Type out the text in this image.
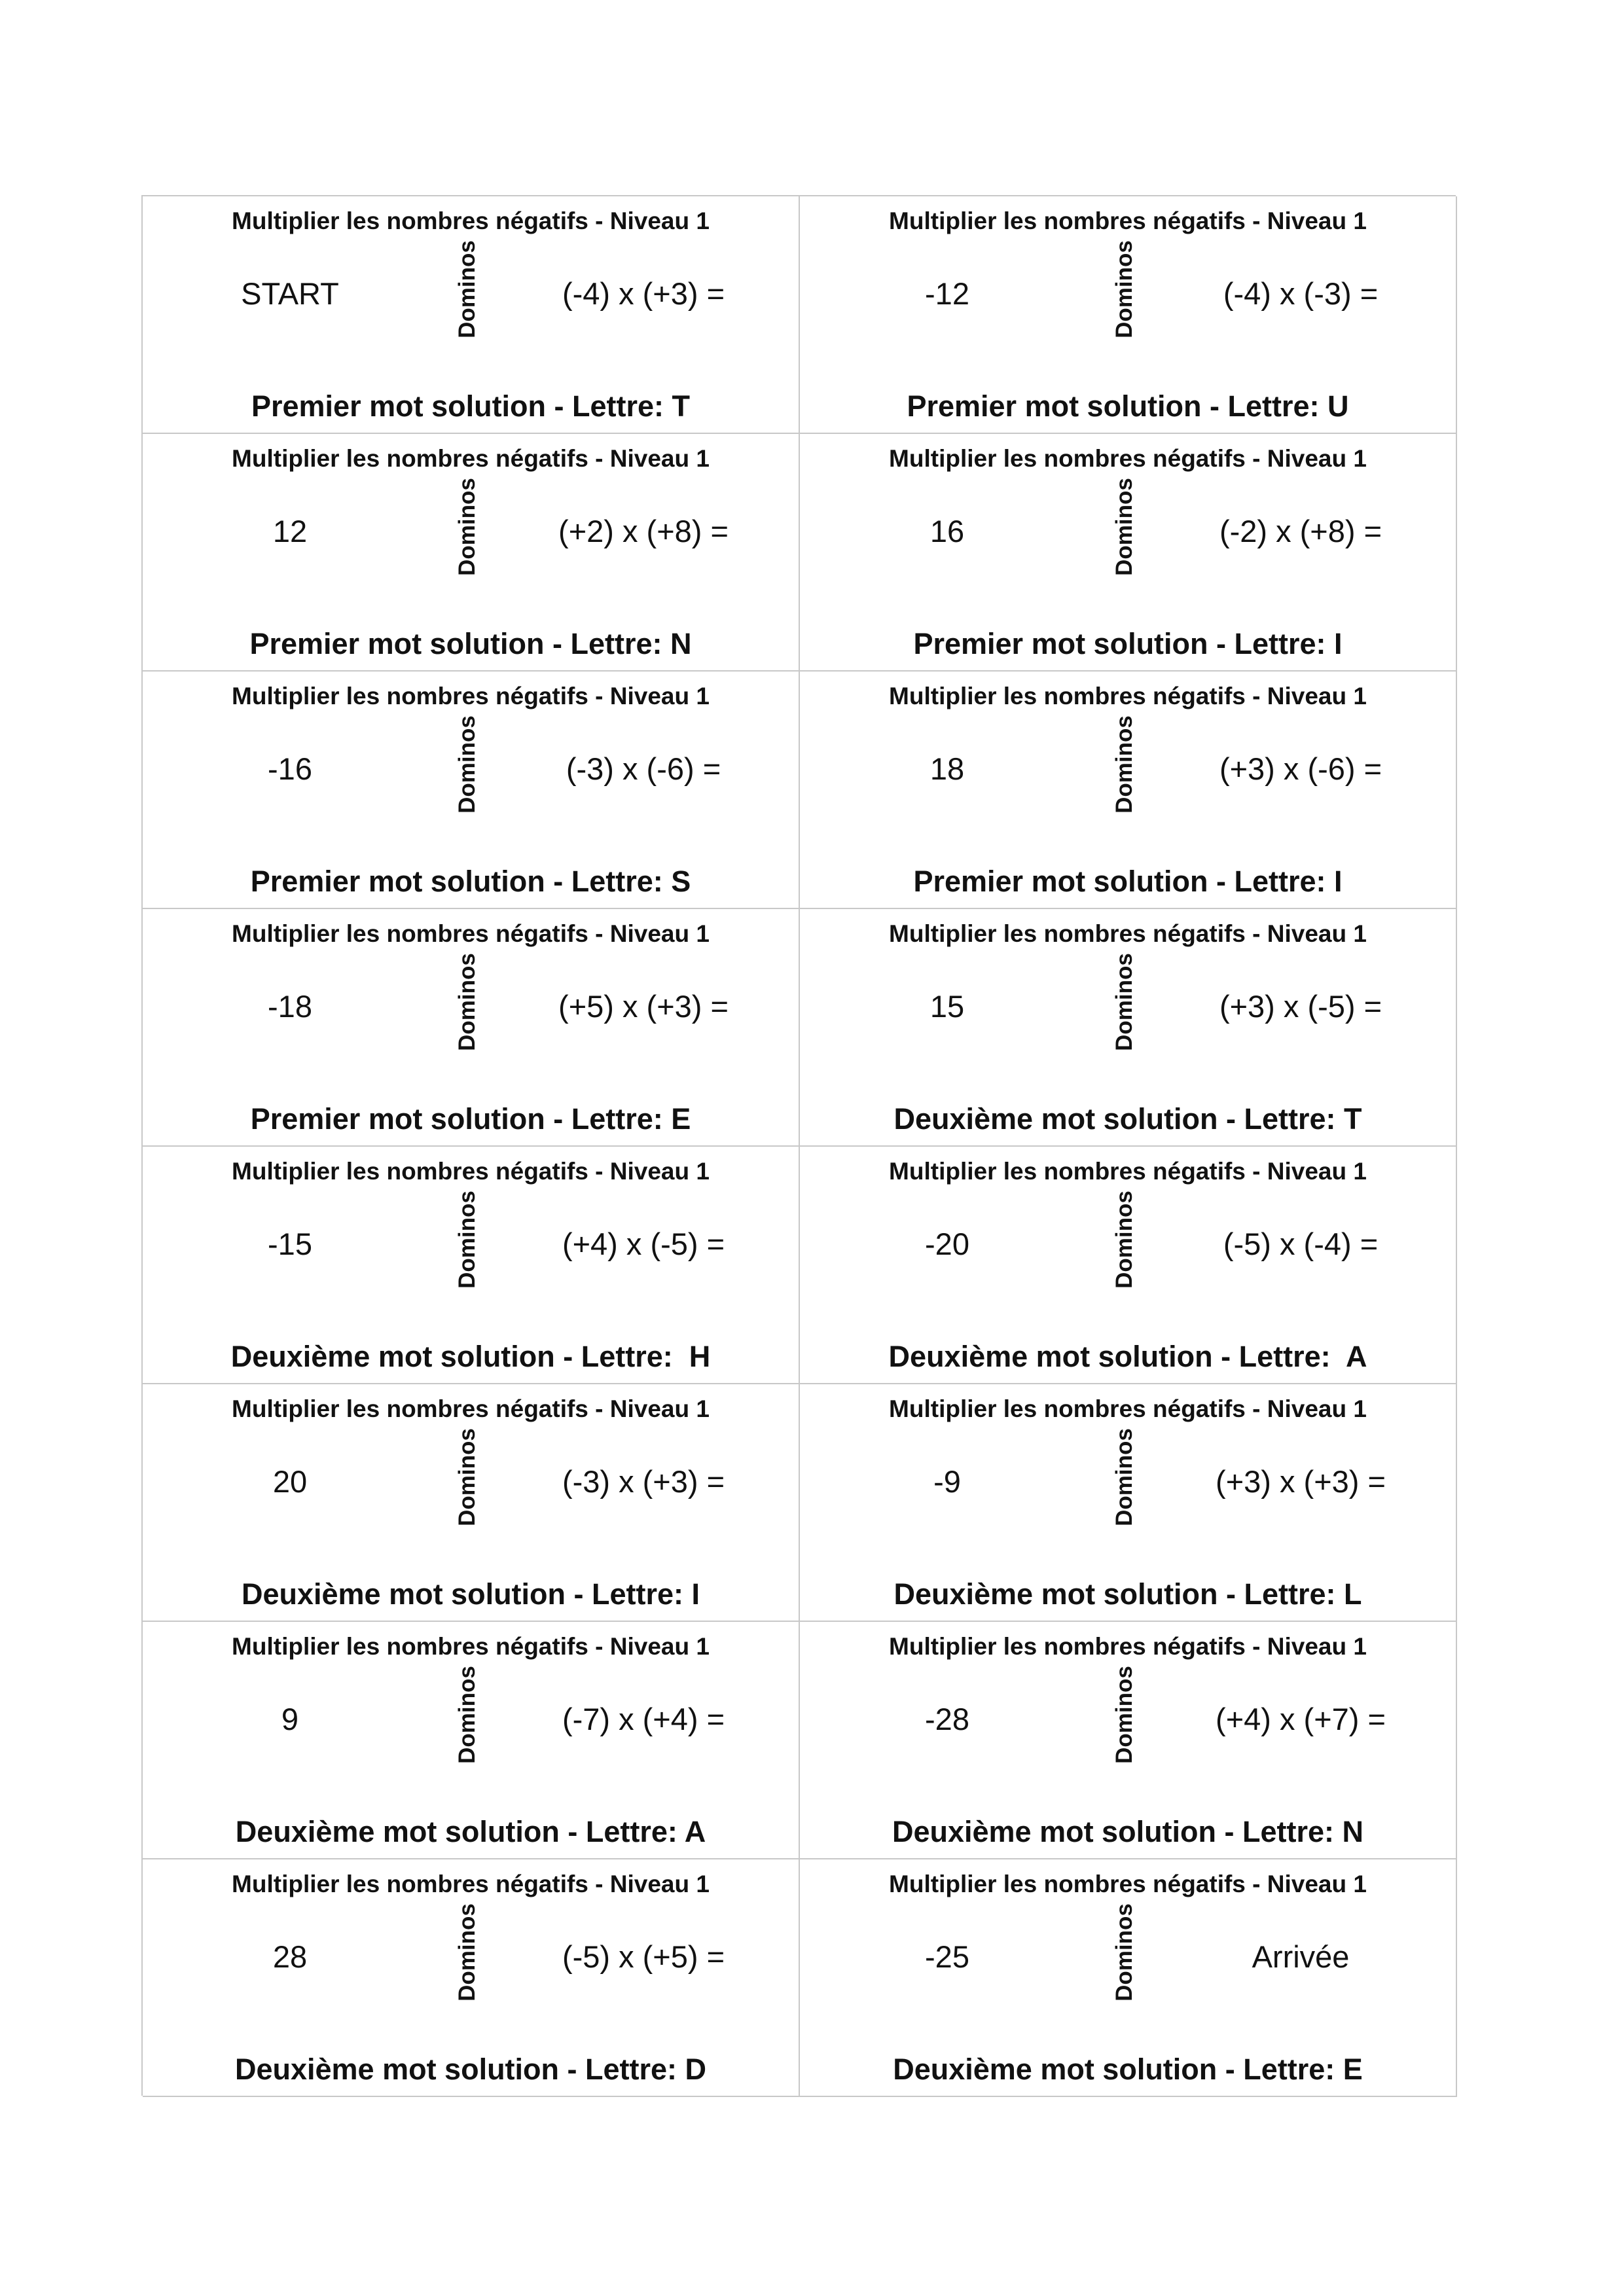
Multiplier les nombres négatifs - Niveau 1
START	Dominos	(-4) x (+3) =
Premier mot solution - Lettre: T
Multiplier les nombres négatifs - Niveau 1
-12	Dominos	(-4) x (-3) =
Premier mot solution - Lettre: U
Multiplier les nombres négatifs - Niveau 1
12	Dominos	(+2) x (+8) =
Premier mot solution - Lettre: N
Multiplier les nombres négatifs - Niveau 1
16	Dominos	(-2) x (+8) =
Premier mot solution - Lettre: I
Multiplier les nombres négatifs - Niveau 1
-16	Dominos	(-3) x (-6) =
Premier mot solution - Lettre: S
Multiplier les nombres négatifs - Niveau 1
18	Dominos	(+3) x (-6) =
Premier mot solution - Lettre: I
Multiplier les nombres négatifs - Niveau 1
-18	Dominos	(+5) x (+3) =
Premier mot solution - Lettre: E
Multiplier les nombres négatifs - Niveau 1
15	Dominos	(+3) x (-5) =
Deuxième mot solution - Lettre: T
Multiplier les nombres négatifs - Niveau 1
-15	Dominos	(+4) x (-5) =
Deuxième mot solution - Lettre:  H
Multiplier les nombres négatifs - Niveau 1
-20	Dominos	(-5) x (-4) =
Deuxième mot solution - Lettre:  A
Multiplier les nombres négatifs - Niveau 1
20	Dominos	(-3) x (+3) =
Deuxième mot solution - Lettre: I
Multiplier les nombres négatifs - Niveau 1
-9	Dominos	(+3) x (+3) =
Deuxième mot solution - Lettre: L
Multiplier les nombres négatifs - Niveau 1
9	Dominos	(-7) x (+4) =
Deuxième mot solution - Lettre: A
Multiplier les nombres négatifs - Niveau 1
-28	Dominos	(+4) x (+7) =
Deuxième mot solution - Lettre: N
Multiplier les nombres négatifs - Niveau 1
28	Dominos	(-5) x (+5) =
Deuxième mot solution - Lettre: D
Multiplier les nombres négatifs - Niveau 1
-25	Dominos	Arrivée
Deuxième mot solution - Lettre: E
